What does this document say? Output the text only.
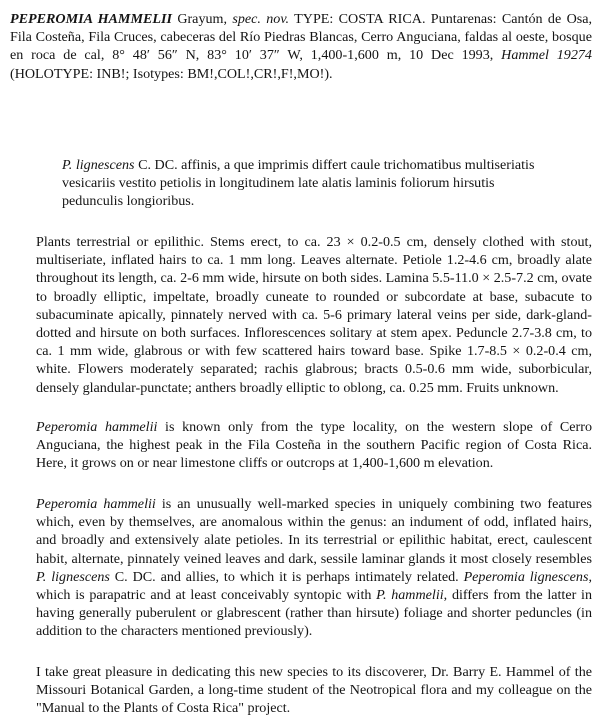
PEPEROMIA HAMMELII Grayum, spec. nov. TYPE: COSTA RICA. Puntarenas: Cantón de Osa, Fila Costeña, Fila Cruces, cabeceras del Río Piedras Blancas, Cerro Anguciana, faldas al oeste, bosque en roca de cal, 8° 48′ 56″ N, 83° 10′ 37″ W, 1,400-1,600 m, 10 Dec 1993, Hammel 19274 (HOLOTYPE: INB!; Isotypes: BM!,COL!,CR!,F!,MO!).

P. lignescens C. DC. affinis, a que imprimis differt caule trichomatibus multiseriatis vesicariis vestito petiolis in longitudinem late alatis laminis foliorum hirsutis pedunculis longioribus.

Plants terrestrial or epilithic. Stems erect, to ca. 23 × 0.2-0.5 cm, densely clothed with stout, multiseriate, inflated hairs to ca. 1 mm long. Leaves alternate. Petiole 1.2-4.6 cm, broadly alate throughout its length, ca. 2-6 mm wide, hirsute on both sides. Lamina 5.5-11.0 × 2.5-7.2 cm, ovate to broadly elliptic, impeltate, broadly cuneate to rounded or subcordate at base, subacute to subacuminate apically, pinnately nerved with ca. 5-6 primary lateral veins per side, dark-gland-dotted and hirsute on both surfaces. Inflorescences solitary at stem apex. Peduncle 2.7-3.8 cm, to ca. 1 mm wide, glabrous or with few scattered hairs toward base. Spike 1.7-8.5 × 0.2-0.4 cm, white. Flowers moderately separated; rachis glabrous; bracts 0.5-0.6 mm wide, suborbicular, densely glandular-punctate; anthers broadly elliptic to oblong, ca. 0.25 mm. Fruits unknown.

Peperomia hammelii is known only from the type locality, on the western slope of Cerro Anguciana, the highest peak in the Fila Costeña in the southern Pacific region of Costa Rica. Here, it grows on or near limestone cliffs or outcrops at 1,400-1,600 m elevation.

Peperomia hammelii is an unusually well-marked species in uniquely combining two features which, even by themselves, are anomalous within the genus: an indument of odd, inflated hairs, and broadly and extensively alate petioles. In its terrestrial or epilithic habitat, erect, caulescent habit, alternate, pinnately veined leaves and dark, sessile laminar glands it most closely resembles P. lignescens C. DC. and allies, to which it is perhaps intimately related. Peperomia lignescens, which is parapatric and at least conceivably syntopic with P. hammelii, differs from the latter in having generally puberulent or glabrescent (rather than hirsute) foliage and shorter peduncles (in addition to the characters mentioned previously).

I take great pleasure in dedicating this new species to its discoverer, Dr. Barry E. Hammel of the Missouri Botanical Garden, a long-time student of the Neotropical flora and my colleague on the "Manual to the Plants of Costa Rica" project.
